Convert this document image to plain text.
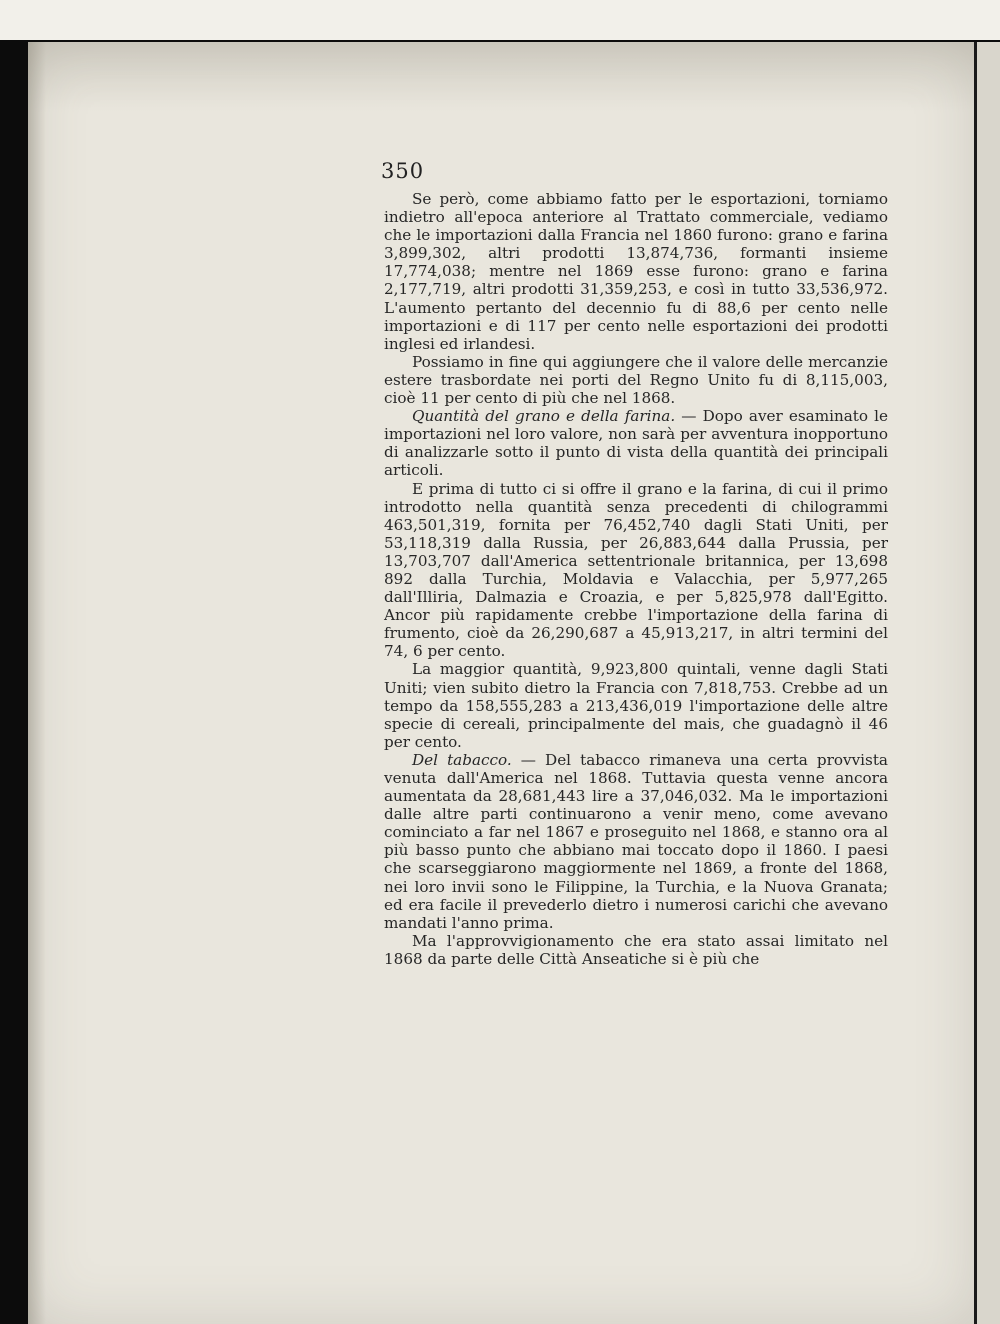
350

Se però, come abbiamo fatto per le esportazioni, torniamo indietro all'epoca anteriore al Trattato commerciale, vediamo che le importazioni dalla Francia nel 1860 furono: grano e farina 3,899,302, altri prodotti 13,874,736, formanti insieme 17,774,038; mentre nel 1869 esse furono: grano e farina 2,177,719, altri prodotti 31,359,253, e così in tutto 33,536,972. L'aumento pertanto del decennio fu di 88,6 per cento nelle importazioni e di 117 per cento nelle esportazioni dei prodotti inglesi ed irlandesi.

Possiamo in fine qui aggiungere che il valore delle mercanzie estere trasbordate nei porti del Regno Unito fu di 8,115,003, cioè 11 per cento di più che nel 1868.

Quantità del grano e della farina. — Dopo aver esaminato le importazioni nel loro valore, non sarà per avventura inopportuno di analizzarle sotto il punto di vista della quantità dei principali articoli.

E prima di tutto ci si offre il grano e la farina, di cui il primo introdotto nella quantità senza precedenti di chilogrammi 463,501,319, fornita per 76,452,740 dagli Stati Uniti, per 53,118,319 dalla Russia, per 26,883,644 dalla Prussia, per 13,703,707 dall'America settentrionale britannica, per 13,698 892 dalla Turchia, Moldavia e Valacchia, per 5,977,265 dall'Illiria, Dalmazia e Croazia, e per 5,825,978 dall'Egitto. Ancor più rapidamente crebbe l'importazione della farina di frumento, cioè da 26,290,687 a 45,913,217, in altri termini del 74, 6 per cento.

La maggior quantità, 9,923,800 quintali, venne dagli Stati Uniti; vien subito dietro la Francia con 7,818,753. Crebbe ad un tempo da 158,555,283 a 213,436,019 l'importazione delle altre specie di cereali, principalmente del mais, che guadagnò il 46 per cento.

Del tabacco. — Del tabacco rimaneva una certa provvista venuta dall'America nel 1868. Tuttavia questa venne ancora aumentata da 28,681,443 lire a 37,046,032. Ma le importazioni dalle altre parti continuarono a venir meno, come avevano cominciato a far nel 1867 e proseguito nel 1868, e stanno ora al più basso punto che abbiano mai toccato dopo il 1860. I paesi che scarseggiarono maggiormente nel 1869, a fronte del 1868, nei loro invii sono le Filippine, la Turchia, e la Nuova Granata; ed era facile il prevederlo dietro i numerosi carichi che avevano mandati l'anno prima.

Ma l'approvvigionamento che era stato assai limitato nel 1868 da parte delle Città Anseatiche si è più che
